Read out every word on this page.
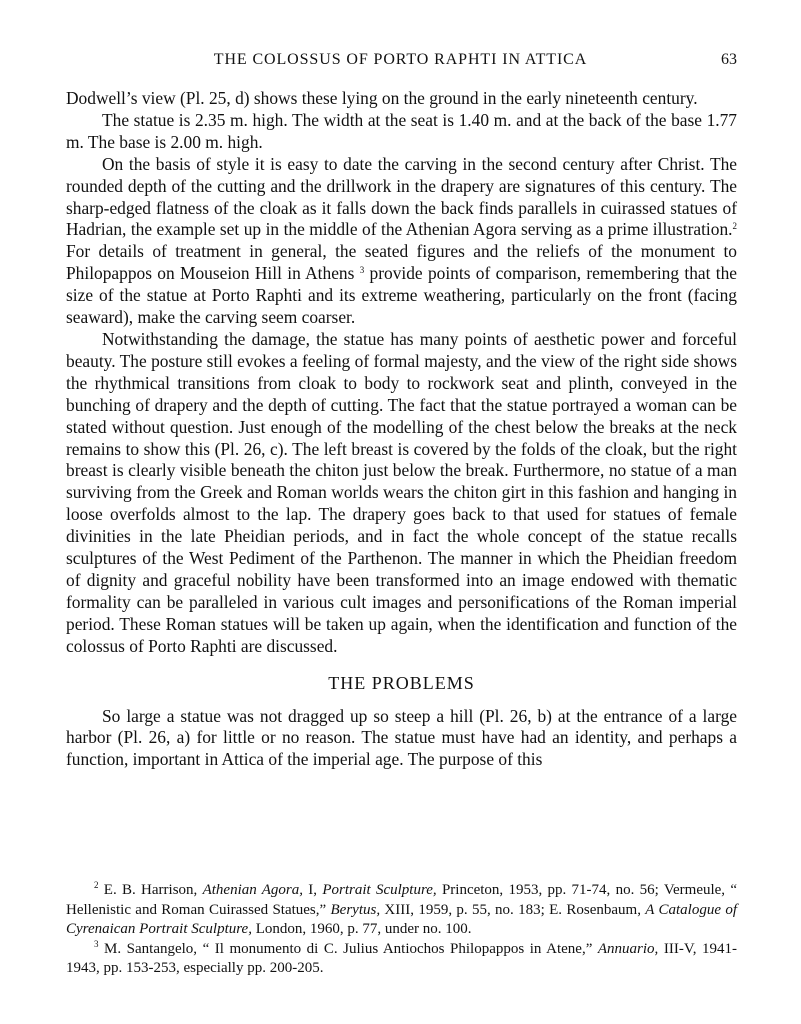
THE COLOSSUS OF PORTO RAPHTI IN ATTICA	63

Dodwell’s view (Pl. 25, d) shows these lying on the ground in the early nineteenth century.

The statue is 2.35 m. high. The width at the seat is 1.40 m. and at the back of the base 1.77 m. The base is 2.00 m. high.

On the basis of style it is easy to date the carving in the second century after Christ. The rounded depth of the cutting and the drillwork in the drapery are signatures of this century. The sharp-edged flatness of the cloak as it falls down the back finds parallels in cuirassed statues of Hadrian, the example set up in the middle of the Athenian Agora serving as a prime illustration.$^2$ For details of treatment in general, the seated figures and the reliefs of the monument to Philopappos on Mouseion Hill in Athens $^3$ provide points of comparison, remembering that the size of the statue at Porto Raphti and its extreme weathering, particularly on the front (facing seaward), make the carving seem coarser.

Notwithstanding the damage, the statue has many points of aesthetic power and forceful beauty. The posture still evokes a feeling of formal majesty, and the view of the right side shows the rhythmical transitions from cloak to body to rockwork seat and plinth, conveyed in the bunching of drapery and the depth of cutting. The fact that the statue portrayed a woman can be stated without question. Just enough of the modelling of the chest below the breaks at the neck remains to show this (Pl. 26, c). The left breast is covered by the folds of the cloak, but the right breast is clearly visible beneath the chiton just below the break. Furthermore, no statue of a man surviving from the Greek and Roman worlds wears the chiton girt in this fashion and hanging in loose overfolds almost to the lap. The drapery goes back to that used for statues of female divinities in the late Pheidian periods, and in fact the whole concept of the statue recalls sculptures of the West Pediment of the Parthenon. The manner in which the Pheidian freedom of dignity and graceful nobility have been transformed into an image endowed with thematic formality can be paralleled in various cult images and personifications of the Roman imperial period. These Roman statues will be taken up again, when the identification and function of the colossus of Porto Raphti are discussed.

THE PROBLEMS

So large a statue was not dragged up so steep a hill (Pl. 26, b) at the entrance of a large harbor (Pl. 26, a) for little or no reason. The statue must have had an identity, and perhaps a function, important in Attica of the imperial age. The purpose of this

$^2$ E. B. Harrison, Athenian Agora, I, Portrait Sculpture, Princeton, 1953, pp. 71-74, no. 56; Vermeule, “ Hellenistic and Roman Cuirassed Statues,” Berytus, XIII, 1959, p. 55, no. 183; E. Rosenbaum, A Catalogue of Cyrenaican Portrait Sculpture, London, 1960, p. 77, under no. 100.

$^3$ M. Santangelo, “ Il monumento di C. Julius Antiochos Philopappos in Atene,” Annuario, III-V, 1941-1943, pp. 153-253, especially pp. 200-205.
